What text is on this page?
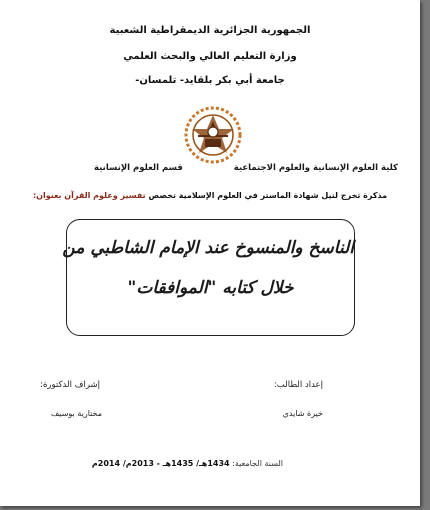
الجمهورية الجزائرية الديمقراطية الشعبية
وزارة التعليم العالي والبحث العلمي
جامعة أبي بكر بلقايد- تلمسان-
كلية العلوم الإنسانية والعلوم الاجتماعية
قسم العلوم الإنسانية
مذكرة تخرج لنيل شهادة الماستر في العلوم الإسلامية تخصص تفسير وعلوم القرآن بعنوان:
الناسخ والمنسوخ عند الإمام الشاطبي من
خلال كتابه "الموافقات"
إعداد الطالب:
إشراف الدكتورة:
خيرة شايدي
مختارية بوسيف
السنة الجامعية: 1434هـ/ 1435هـ - 2013م/ 2014م
